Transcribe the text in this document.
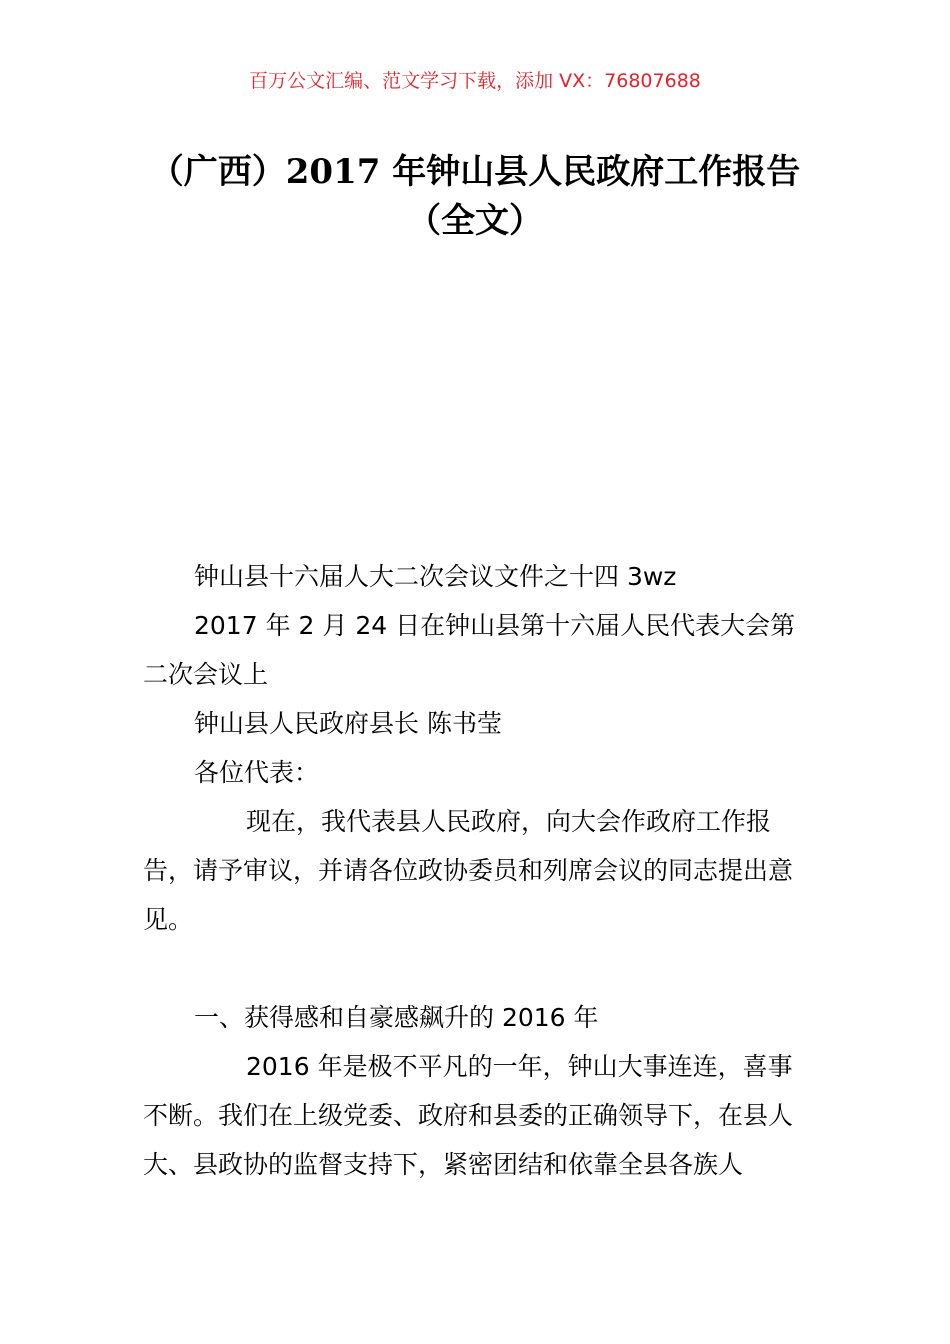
百万公文汇编、范文学习下载，添加 VX：76807688
（广西）2017 年钟山县人民政府工作报告
（全文）

钟山县十六届人大二次会议文件之十四 3wz

2017 年 2 月 24 日在钟山县第十六届人民代表大会第二次会议上

钟山县人民政府县长 陈书莹

各位代表：

现在，我代表县人民政府，向大会作政府工作报告，请予审议，并请各位政协委员和列席会议的同志提出意见。

一、获得感和自豪感飙升的 2016 年

2016 年是极不平凡的一年，钟山大事连连，喜事不断。我们在上级党委、政府和县委的正确领导下，在县人大、县政协的监督支持下，紧密团结和依靠全县各族人
